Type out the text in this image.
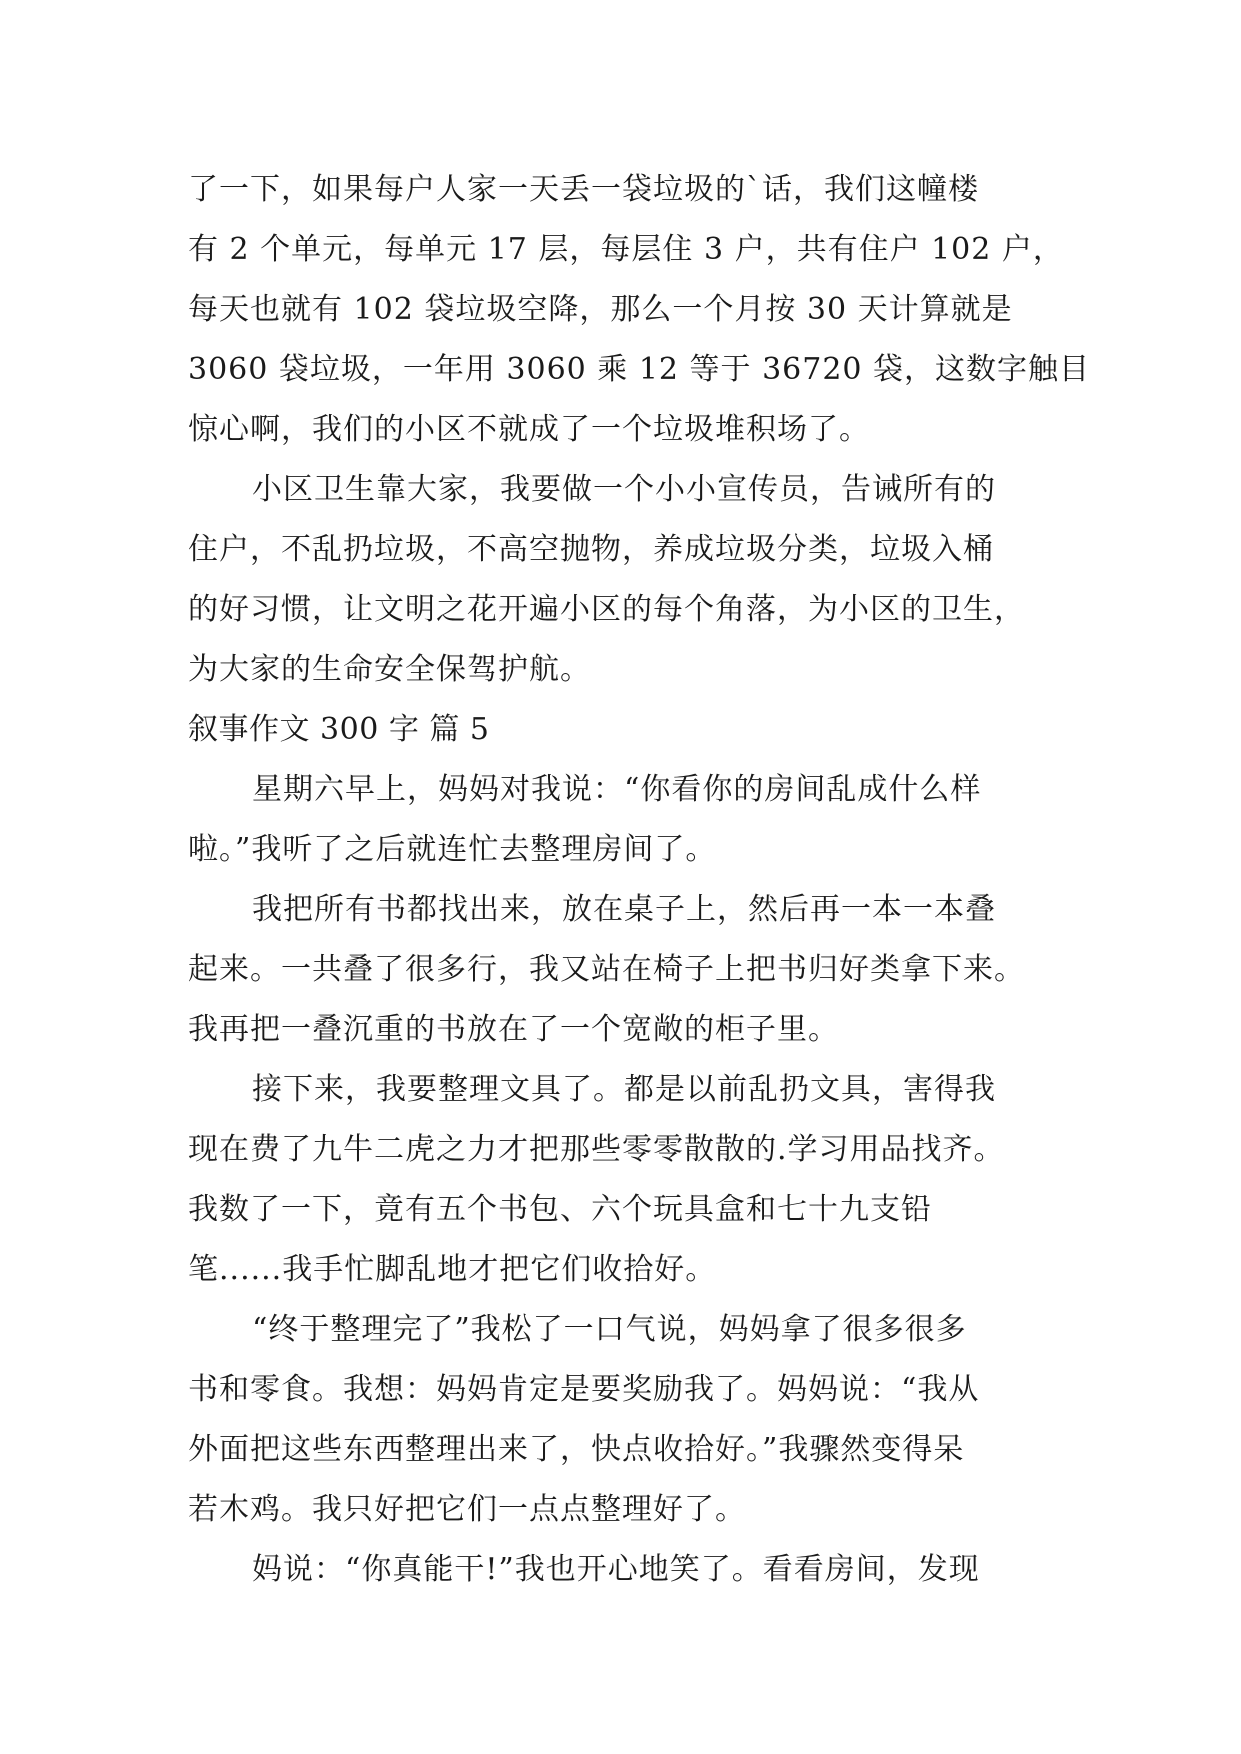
了一下，如果每户人家一天丢一袋垃圾的`话，我们这幢楼
有 2 个单元，每单元 17 层，每层住 3 户，共有住户 102 户，
每天也就有 102 袋垃圾空降，那么一个月按 30 天计算就是
3060 袋垃圾，一年用 3060 乘 12 等于 36720 袋，这数字触目
惊心啊，我们的小区不就成了一个垃圾堆积场了。
小区卫生靠大家，我要做一个小小宣传员，告诫所有的
住户，不乱扔垃圾，不高空抛物，养成垃圾分类，垃圾入桶
的好习惯，让文明之花开遍小区的每个角落，为小区的卫生，
为大家的生命安全保驾护航。
叙事作文 300 字 篇 5
星期六早上，妈妈对我说：“你看你的房间乱成什么样
啦。”我听了之后就连忙去整理房间了。
我把所有书都找出来，放在桌子上，然后再一本一本叠
起来。一共叠了很多行，我又站在椅子上把书归好类拿下来。
我再把一叠沉重的书放在了一个宽敞的柜子里。
接下来，我要整理文具了。都是以前乱扔文具，害得我
现在费了九牛二虎之力才把那些零零散散的.学习用品找齐。
我数了一下，竟有五个书包、六个玩具盒和七十九支铅
笔......我手忙脚乱地才把它们收拾好。
“终于整理完了”我松了一口气说，妈妈拿了很多很多
书和零食。我想：妈妈肯定是要奖励我了。妈妈说：“我从
外面把这些东西整理出来了，快点收拾好。”我骤然变得呆
若木鸡。我只好把它们一点点整理好了。
妈说：“你真能干!”我也开心地笑了。看看房间，发现
